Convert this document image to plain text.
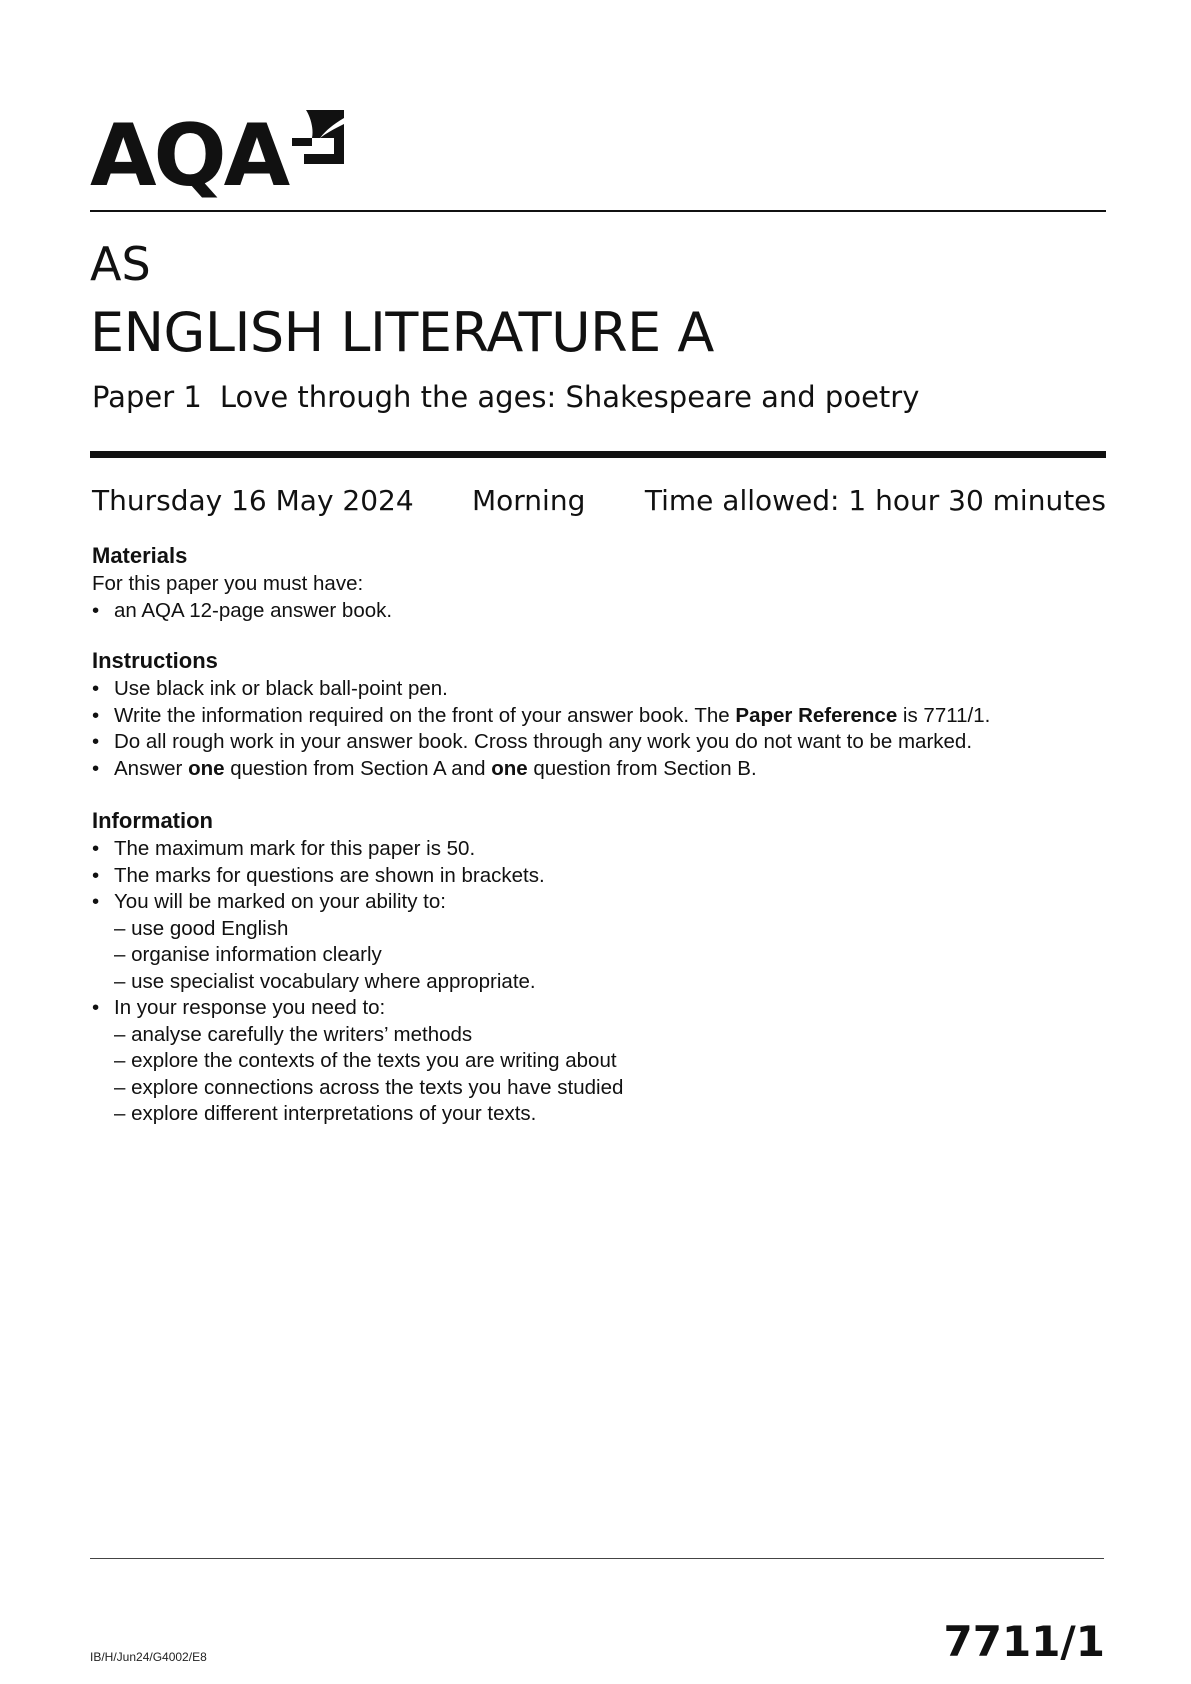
AQA
AS
ENGLISH LITERATURE A
Paper 1 Love through the ages: Shakespeare and poetry
Thursday 16 May 2024 Morning Time allowed: 1 hour 30 minutes
Materials

For this paper you must have:

• an AQA 12-page answer book.
Instructions
• Use black ink or black ball-point pen.
• Write the information required on the front of your answer book. The Paper Reference is 7711/1.
• Do all rough work in your answer book. Cross through any work you do not want to be marked.
• Answer one question from Section A and one question from Section B.
Information
• The maximum mark for this paper is 50.
• The marks for questions are shown in brackets.
• You will be marked on your ability to:
– use good English
– organise information clearly
– use specialist vocabulary where appropriate.
• In your response you need to:
– analyse carefully the writers’ methods
– explore the contexts of the texts you are writing about
– explore connections across the texts you have studied
– explore different interpretations of your texts.
IB/H/Jun24/G4002/E8	7711/1
